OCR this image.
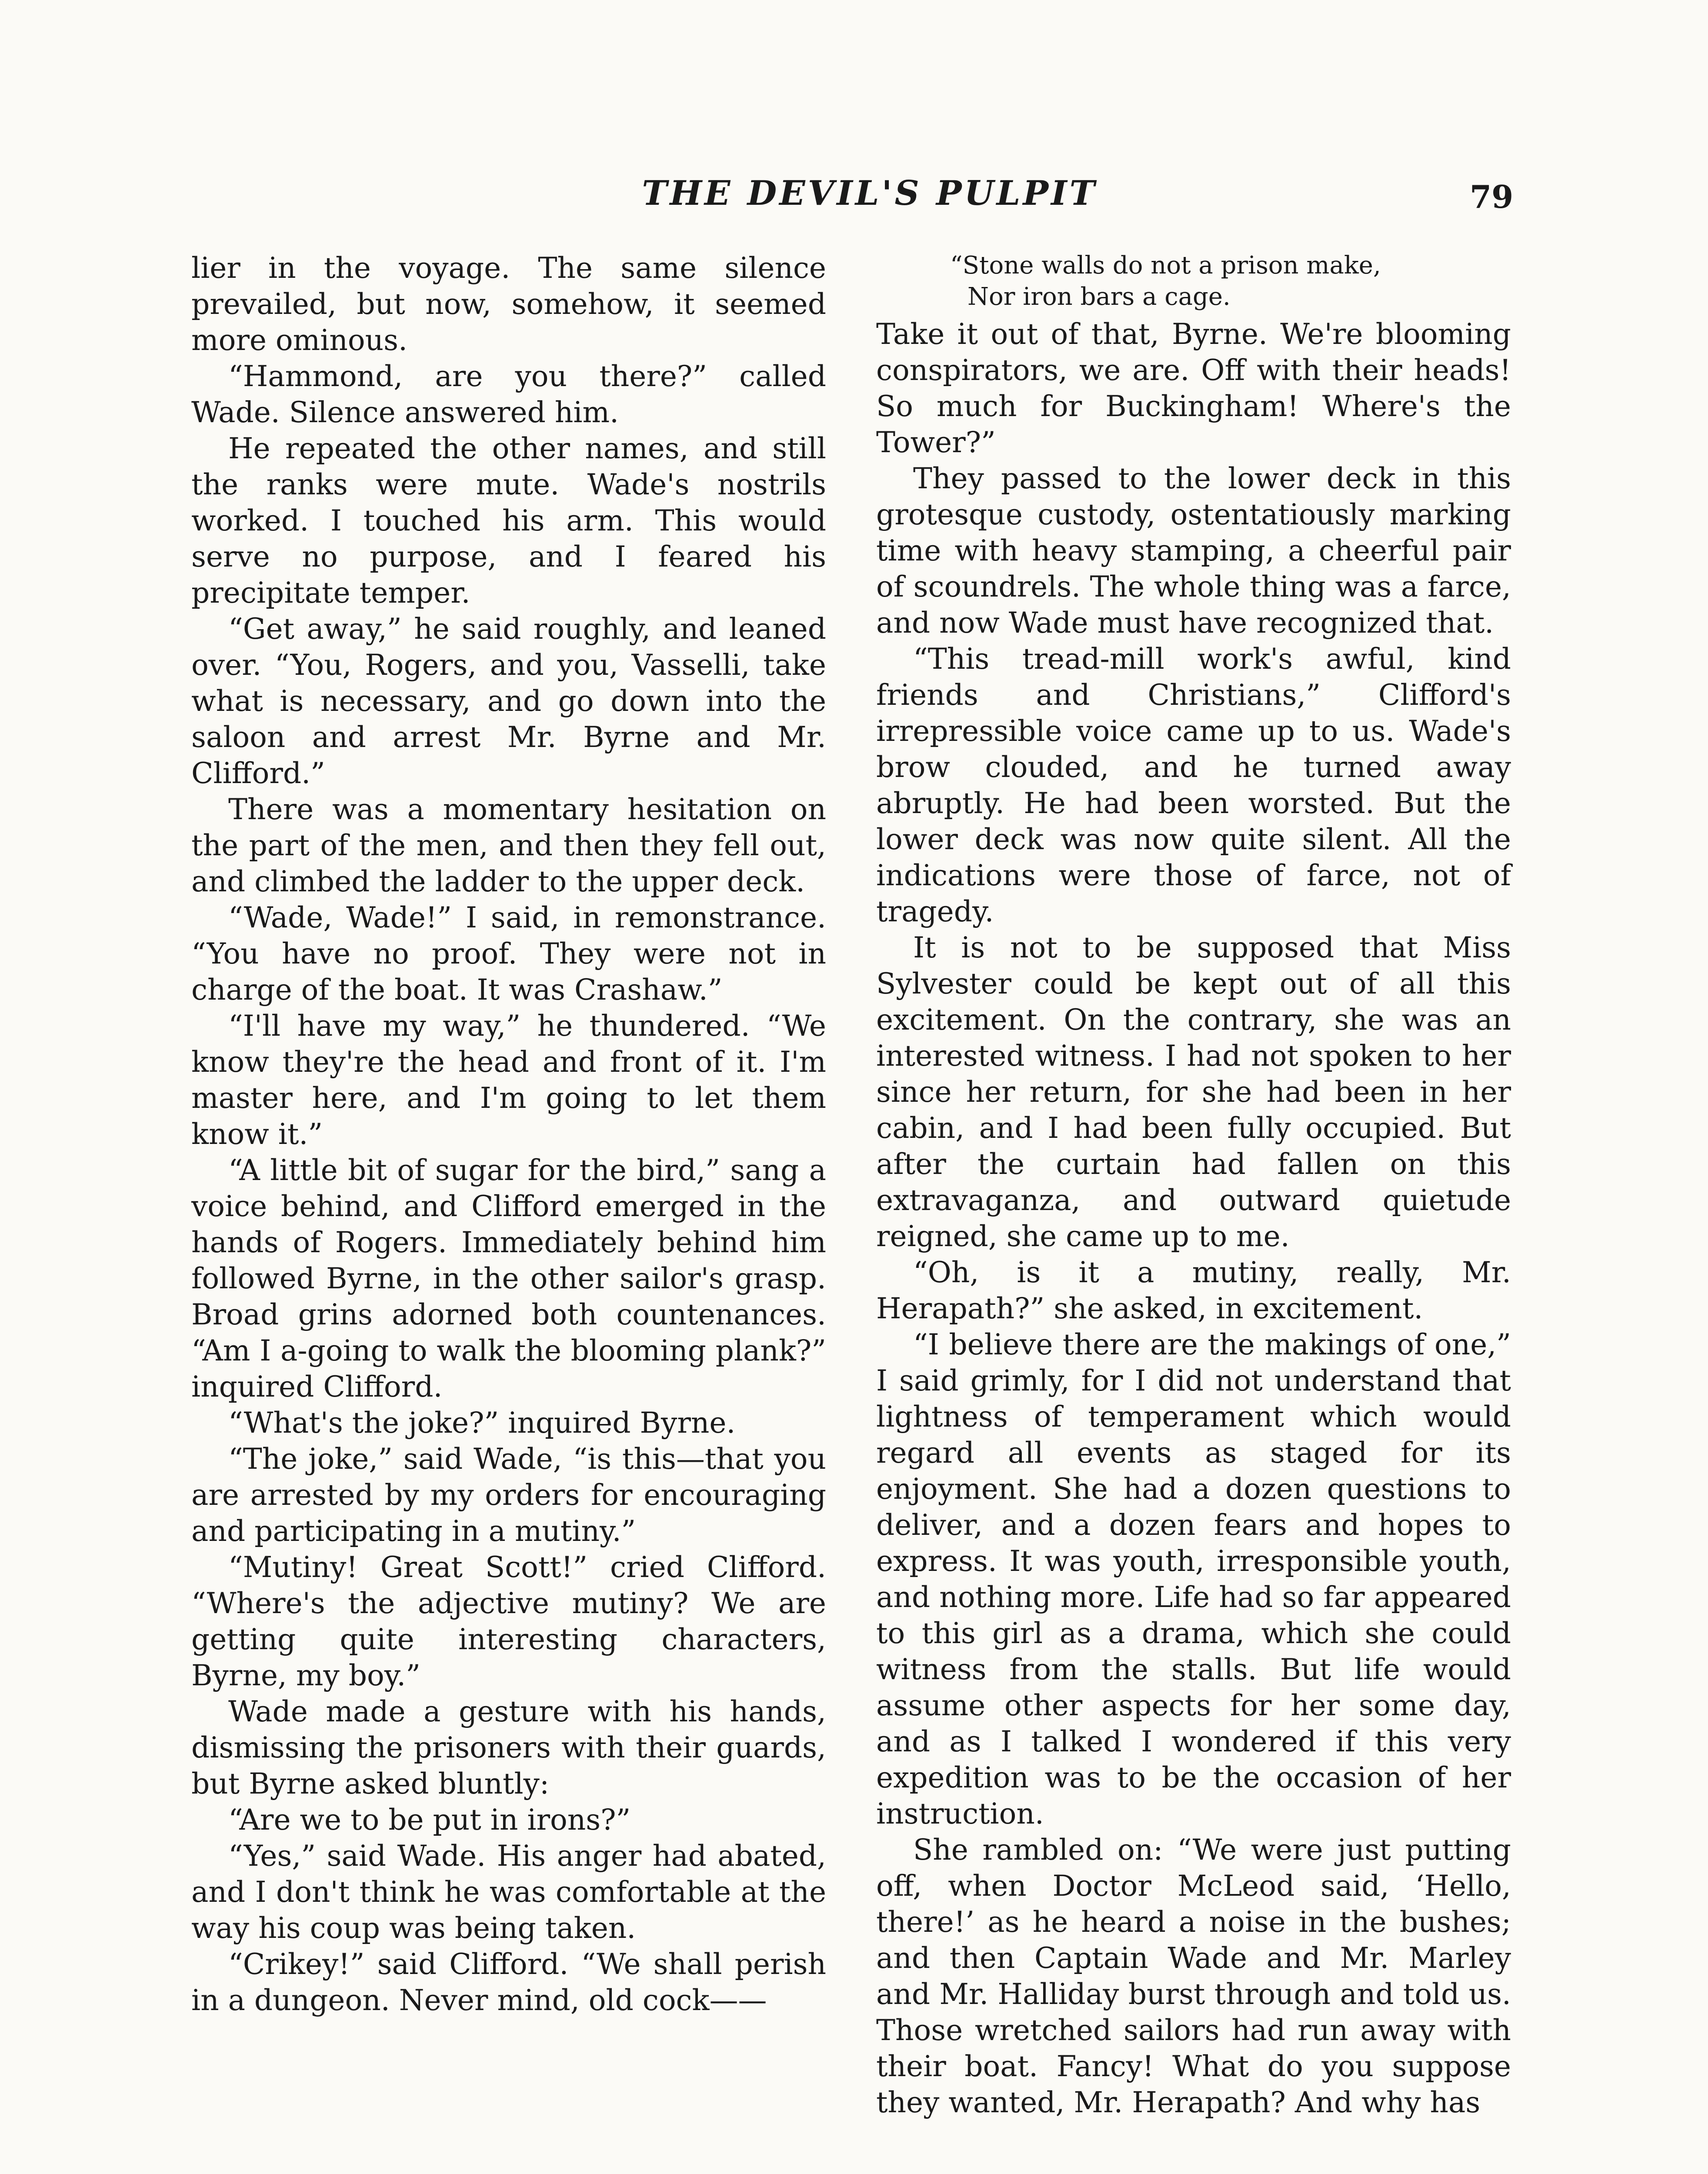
THE DEVIL'S PULPIT	79

lier in the voyage. The same silence prevailed, but now, somehow, it seemed more ominous.

“Hammond, are you there?” called Wade. Silence answered him.

He repeated the other names, and still the ranks were mute. Wade's nostrils worked. I touched his arm. This would serve no purpose, and I feared his precipitate temper.

“Get away,” he said roughly, and leaned over. “You, Rogers, and you, Vasselli, take what is necessary, and go down into the saloon and arrest Mr. Byrne and Mr. Clifford.”

There was a momentary hesitation on the part of the men, and then they fell out, and climbed the ladder to the upper deck.

“Wade, Wade!” I said, in remonstrance. “You have no proof. They were not in charge of the boat. It was Crashaw.”

“I'll have my way,” he thundered. “We know they're the head and front of it. I'm master here, and I'm going to let them know it.”

“A little bit of sugar for the bird,” sang a voice behind, and Clifford emerged in the hands of Rogers. Immediately behind him followed Byrne, in the other sailor's grasp. Broad grins adorned both countenances. “Am I a-going to walk the blooming plank?” inquired Clifford.

“What's the joke?” inquired Byrne.

“The joke,” said Wade, “is this—that you are arrested by my orders for encouraging and participating in a mutiny.”

“Mutiny! Great Scott!” cried Clifford. “Where's the adjective mutiny? We are getting quite interesting characters, Byrne, my boy.”

Wade made a gesture with his hands, dismissing the prisoners with their guards, but Byrne asked bluntly:

“Are we to be put in irons?”

“Yes,” said Wade. His anger had abated, and I don't think he was comfortable at the way his coup was being taken.

“Crikey!” said Clifford. “We shall perish in a dungeon. Never mind, old cock——

“Stone walls do not a prison make,
Nor iron bars a cage.

Take it out of that, Byrne. We're blooming conspirators, we are. Off with their heads! So much for Buckingham! Where's the Tower?”

They passed to the lower deck in this grotesque custody, ostentatiously marking time with heavy stamping, a cheerful pair of scoundrels. The whole thing was a farce, and now Wade must have recognized that.

“This tread-mill work's awful, kind friends and Christians,” Clifford's irrepressible voice came up to us. Wade's brow clouded, and he turned away abruptly. He had been worsted. But the lower deck was now quite silent. All the indications were those of farce, not of tragedy.

It is not to be supposed that Miss Sylvester could be kept out of all this excitement. On the contrary, she was an interested witness. I had not spoken to her since her return, for she had been in her cabin, and I had been fully occupied. But after the curtain had fallen on this extravaganza, and outward quietude reigned, she came up to me.

“Oh, is it a mutiny, really, Mr. Herapath?” she asked, in excitement.

“I believe there are the makings of one,” I said grimly, for I did not understand that lightness of temperament which would regard all events as staged for its enjoyment. She had a dozen questions to deliver, and a dozen fears and hopes to express. It was youth, irresponsible youth, and nothing more. Life had so far appeared to this girl as a drama, which she could witness from the stalls. But life would assume other aspects for her some day, and as I talked I wondered if this very expedition was to be the occasion of her instruction.

She rambled on: “We were just putting off, when Doctor McLeod said, ‘Hello, there!’ as he heard a noise in the bushes; and then Captain Wade and Mr. Marley and Mr. Halliday burst through and told us. Those wretched sailors had run away with their boat. Fancy! What do you suppose they wanted, Mr. Herapath? And why has
